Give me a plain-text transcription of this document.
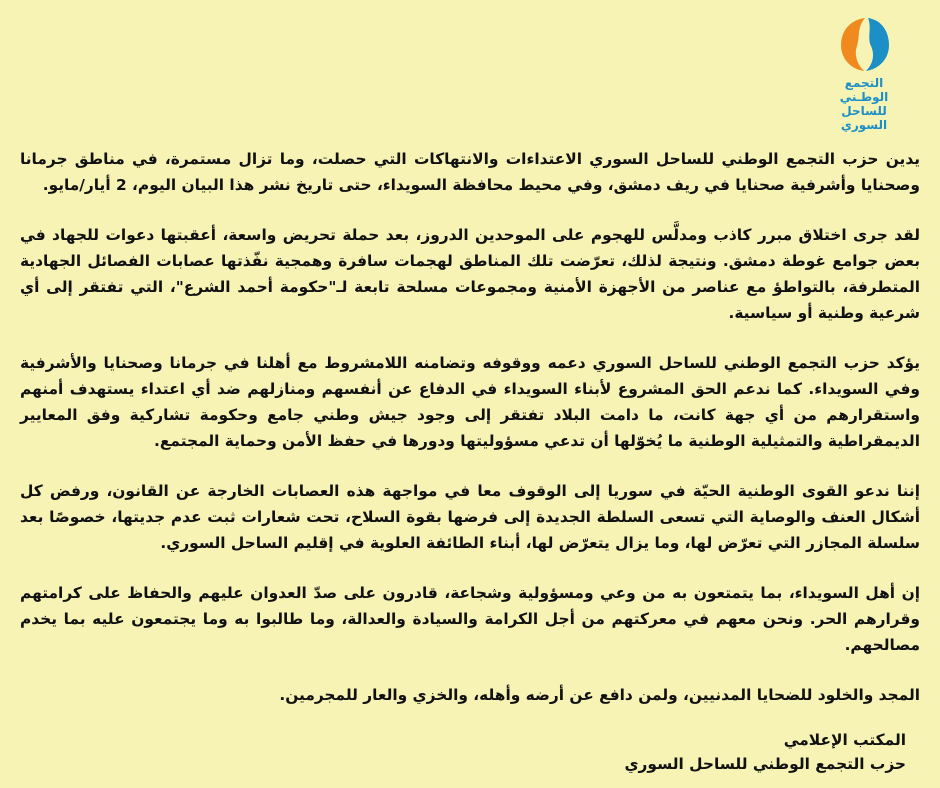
التجمع الوطـني
للساحل السوري

يدين حزب التجمع الوطني للساحل السوري الاعتداءات والانتهاكات التي حصلت، وما تزال مستمرة، في مناطق جرمانا وصحنايا وأشرفية صحنايا في ريف دمشق، وفي محيط محافظة السويداء، حتى تاريخ نشر هذا البيان اليوم، 2 أيار/مايو.

لقد جرى اختلاق مبرر كاذب ومدلَّس للهجوم على الموحدين الدروز، بعد حملة تحريض واسعة، أعقبتها دعوات للجهاد في بعض جوامع غوطة دمشق. ونتيجة لذلك، تعرّضت تلك المناطق لهجمات سافرة وهمجية نفّذتها عصابات الفصائل الجهادية المتطرفة، بالتواطؤ مع عناصر من الأجهزة الأمنية ومجموعات مسلحة تابعة لـ"حكومة أحمد الشرع"، التي تفتقر إلى أي شرعية وطنية أو سياسية.

يؤكد حزب التجمع الوطني للساحل السوري دعمه ووقوفه وتضامنه اللامشروط مع أهلنا في جرمانا وصحنايا والأشرفية وفي السويداء. كما ندعم الحق المشروع لأبناء السويداء في الدفاع عن أنفسهم ومنازلهم ضد أي اعتداء يستهدف أمنهم واستقرارهم من أي جهة كانت، ما دامت البلاد تفتقر إلى وجود جيش وطني جامع وحكومة تشاركية وفق المعايير الديمقراطية والتمثيلية الوطنية ما يُخوّلها أن تدعي مسؤوليتها ودورها في حفظ الأمن وحماية المجتمع.

إننا ندعو القوى الوطنية الحيّة في سوريا إلى الوقوف معا في مواجهة هذه العصابات الخارجة عن القانون، ورفض كل أشكال العنف والوصاية التي تسعى السلطة الجديدة إلى فرضها بقوة السلاح، تحت شعارات ثبت عدم جديتها، خصوصًا بعد سلسلة المجازر التي تعرّض لها، وما يزال يتعرّض لها، أبناء الطائفة العلوية في إقليم الساحل السوري.

إن أهل السويداء، بما يتمتعون به من وعي ومسؤولية وشجاعة، قادرون على صدّ العدوان عليهم والحفاظ على كرامتهم وقرارهم الحر. ونحن معهم في معركتهم من أجل الكرامة والسيادة والعدالة، وما طالبوا به وما يجتمعون عليه بما يخدم مصالحهم.

المجد والخلود للضحايا المدنيين، ولمن دافع عن أرضه وأهله، والخزي والعار للمجرمين.

المكتب الإعلامي
حزب التجمع الوطني للساحل السوري
